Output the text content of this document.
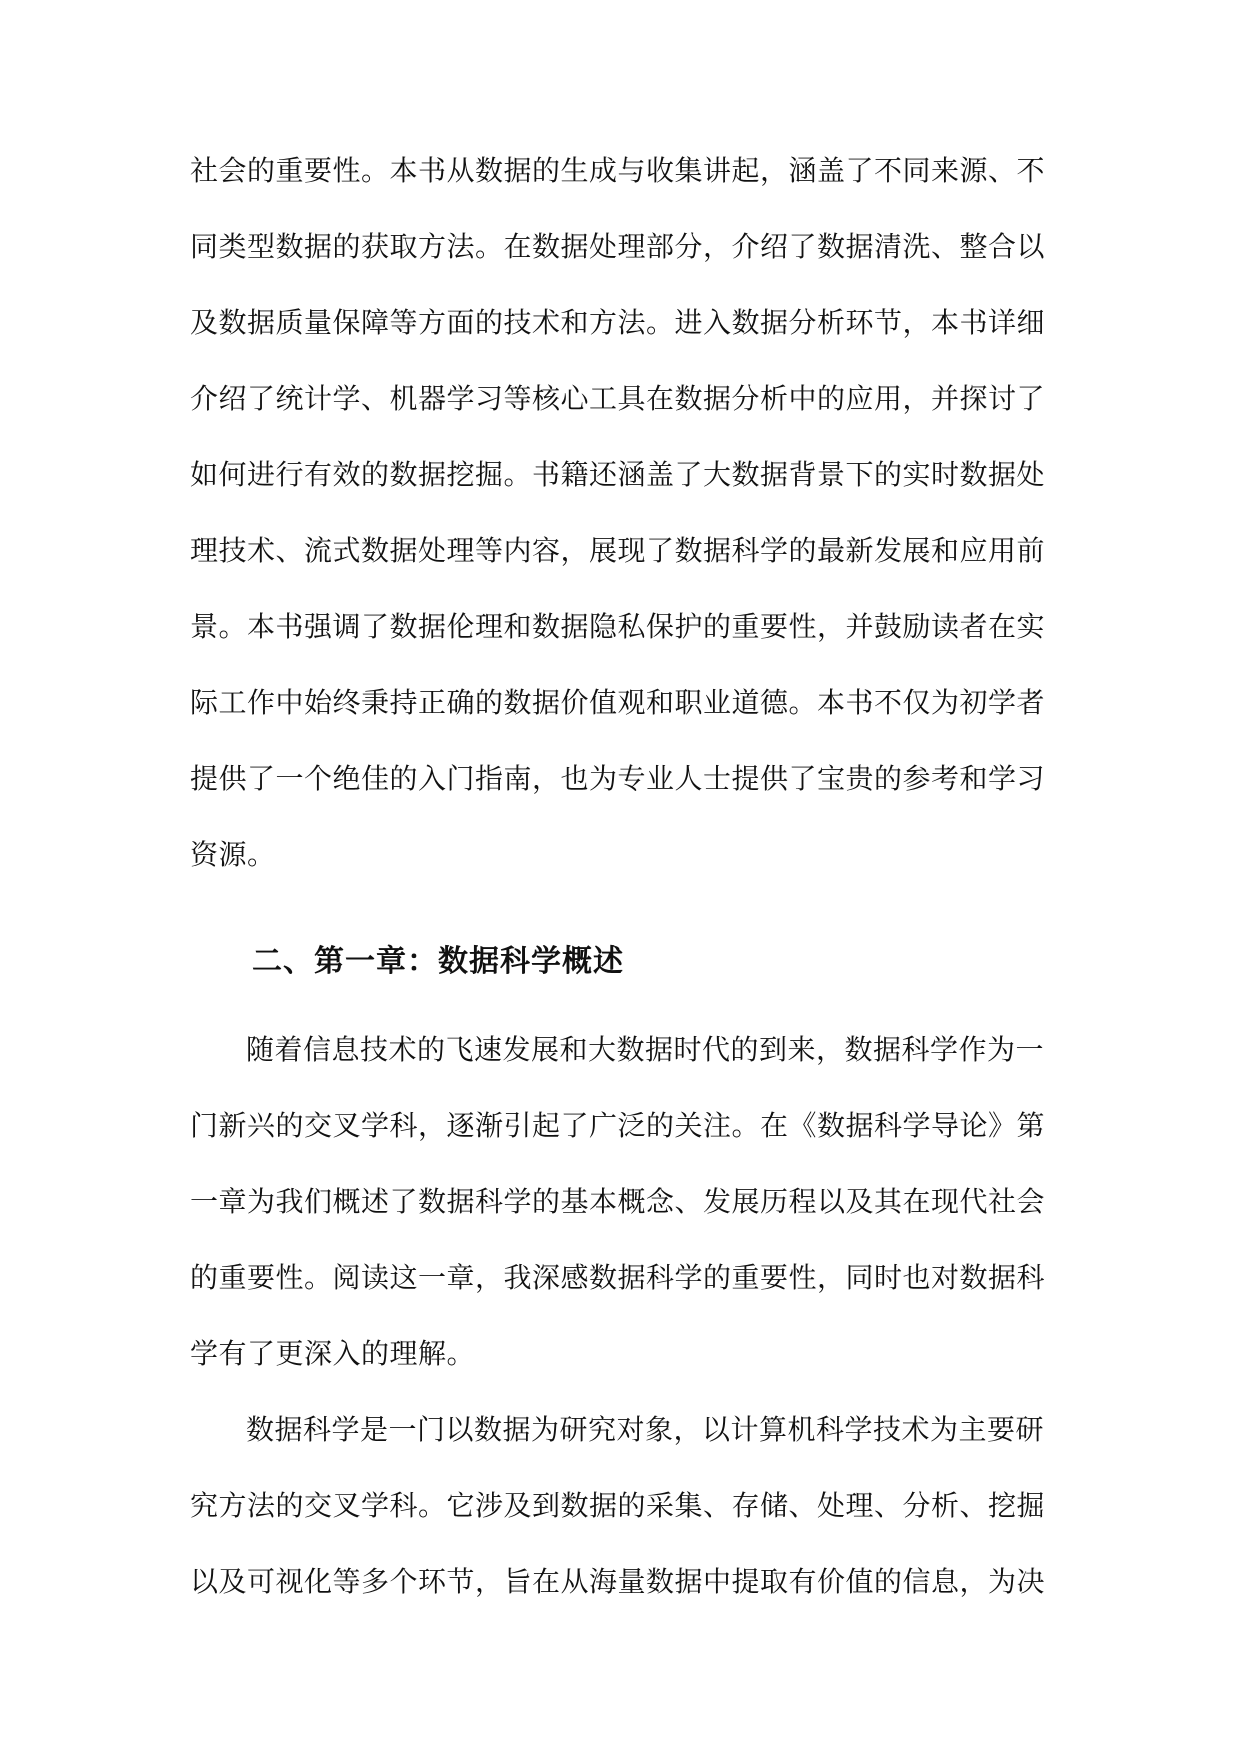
社会的重要性。本书从数据的生成与收集讲起，涵盖了不同来源、不
同类型数据的获取方法。在数据处理部分，介绍了数据清洗、整合以
及数据质量保障等方面的技术和方法。进入数据分析环节，本书详细
介绍了统计学、机器学习等核心工具在数据分析中的应用，并探讨了
如何进行有效的数据挖掘。书籍还涵盖了大数据背景下的实时数据处
理技术、流式数据处理等内容，展现了数据科学的最新发展和应用前
景。本书强调了数据伦理和数据隐私保护的重要性，并鼓励读者在实
际工作中始终秉持正确的数据价值观和职业道德。本书不仅为初学者
提供了一个绝佳的入门指南，也为专业人士提供了宝贵的参考和学习
资源。
二、第一章：数据科学概述
随着信息技术的飞速发展和大数据时代的到来，数据科学作为一
门新兴的交叉学科，逐渐引起了广泛的关注。在《数据科学导论》第
一章为我们概述了数据科学的基本概念、发展历程以及其在现代社会
的重要性。阅读这一章，我深感数据科学的重要性，同时也对数据科
学有了更深入的理解。
数据科学是一门以数据为研究对象，以计算机科学技术为主要研
究方法的交叉学科。它涉及到数据的采集、存储、处理、分析、挖掘
以及可视化等多个环节，旨在从海量数据中提取有价值的信息，为决
